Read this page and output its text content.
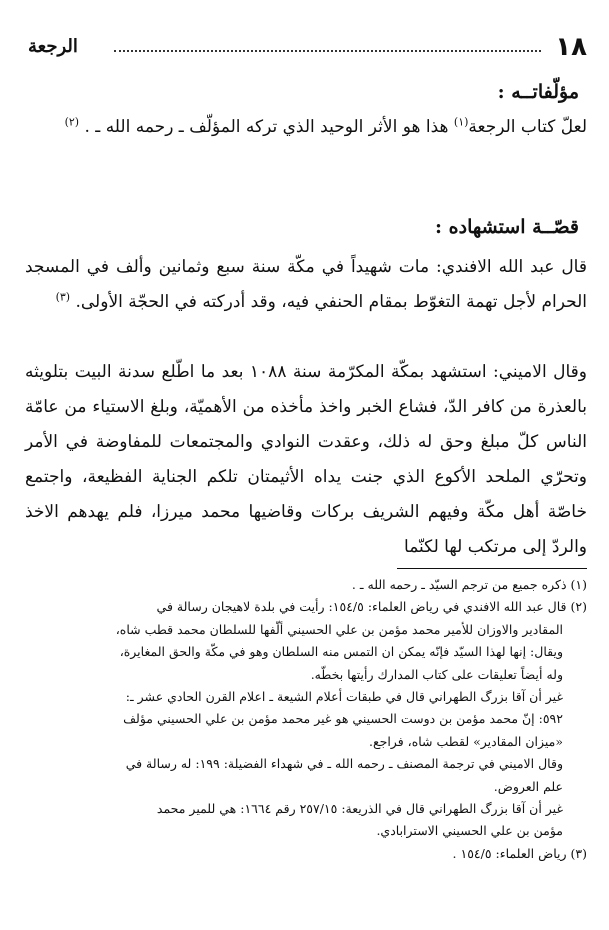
١٨
الرجعة
مؤلّفاتــه :

لعلّ كتاب الرجعة$^{(١)}$ هذا هو الأثر الوحيد الذي تركه المؤلّف ـ رحمه الله ـ . $^{(٢)}$

قصّــة استشهاده :

قال عبد الله الافندي: مات شهيداً في مكّة سنة سبع وثمانين وألف في المسجد الحرام لأجل تهمة التغوّط بمقام الحنفي فيه، وقد أدركته في الحجّة الأولى. $^{(٣)}$

وقال الاميني: استشهد بمكّة المكرّمة سنة ١٠٨٨ بعد ما اطّلع سدنة البيت بتلويثه بالعذرة من كافر الدّ، فشاع الخبر واخذ مأخذه من الأهميّة، وبلغ الاستياء من عامّة الناس كلّ مبلغ وحق له ذلك، وعقدت النوادي والمجتمعات للمفاوضة في الأمر وتحرّي الملحد الأكوع الذي جنت يداه الأثيمتان تلكم الجناية الفظيعة، واجتمع خاصّة أهل مكّة وفيهم الشريف بركات وقاضيها محمد ميرزا، فلم يهدهم الاخذ والردّ إلى مرتكب لها لكنّما

(١) ذكره جميع من ترجم السيّد ـ رحمه الله ـ .

(٢) قال عبد الله الافندي في رياض العلماء: ١٥٤/٥: رأيت في بلدة لاهيجان رسالة في

المقادير والاوزان للأمير محمد مؤمن بن علي الحسيني ألّفها للسلطان محمد قطب شاه،

ويقال: إنها لهذا السيّد فإنّه يمكن ان التمس منه السلطان وهو في مكّة والحق المغايرة،

وله أيضاً تعليقات على كتاب المدارك رأيتها بخطّه.

غير أن آقا بزرگ الطهراني قال في طبقات أعلام الشيعة ـ اعلام القرن الحادي عشر ـ:

٥٩٢: إنّ محمد مؤمن بن دوست الحسيني هو غير محمد مؤمن بن علي الحسيني مؤلف

«ميزان المقادير» لقطب شاه، فراجع.

وقال الاميني في ترجمة المصنف ـ رحمه الله ـ في شهداء الفضيلة: ١٩٩: له رسالة في

علم العروض.

غير أن آقا بزرگ الطهراني قال في الذريعة: ٢٥٧/١٥ رقم ١٦٦٤: هي للمير محمد

مؤمن بن علي الحسيني الاسترابادي.

(٣) رياض العلماء: ١٥٤/٥ .
